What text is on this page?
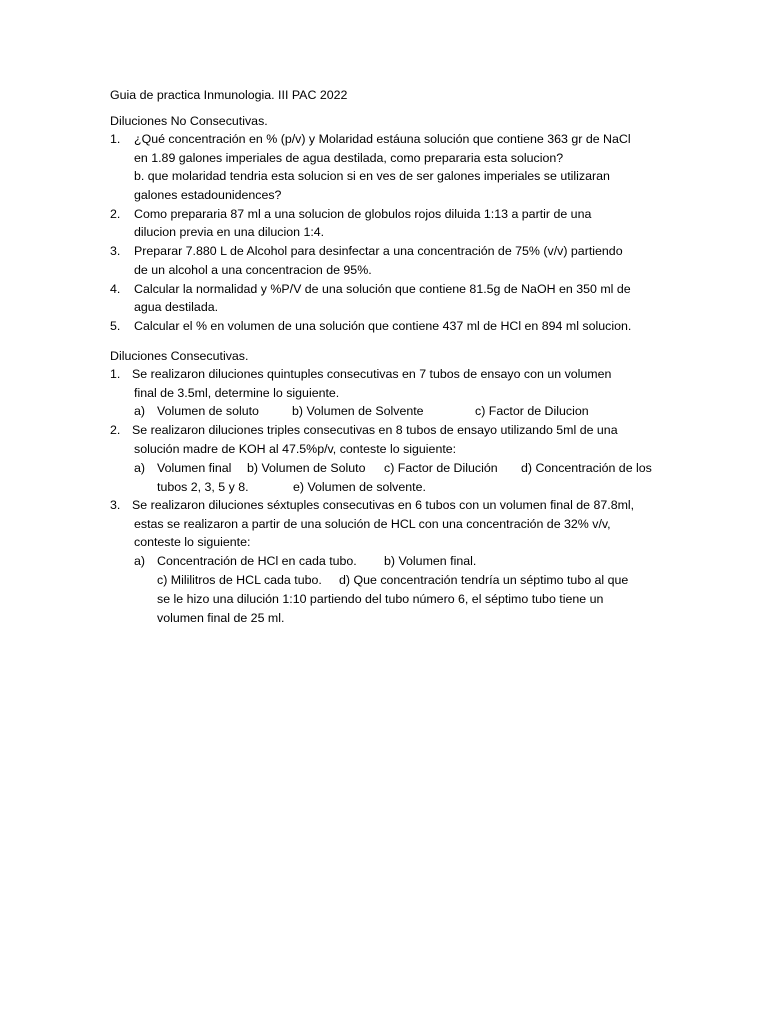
Guia de practica Inmunologia. III PAC 2022
Diluciones No Consecutivas.
1. ¿Qué concentración en % (p/v) y Molaridad estáuna solución que contiene 363 gr de NaCl
en 1.89 galones imperiales de agua destilada, como prepararia esta solucion?
b. que molaridad tendria esta solucion si en ves de ser galones imperiales se utilizaran
galones estadounidences?
2. Como prepararia 87 ml a una solucion de globulos rojos diluida 1:13 a partir de una
dilucion previa en una dilucion 1:4.
3. Preparar 7.880 L de Alcohol para desinfectar a una concentración de 75% (v/v) partiendo
de un alcohol a una concentracion de 95%.
4. Calcular la normalidad y %P/V de una solución que contiene 81.5g de NaOH en 350 ml de
agua destilada.
5. Calcular el % en volumen de una solución que contiene 437 ml de HCl en 894 ml solucion.
Diluciones Consecutivas.
1. Se realizaron diluciones quintuples consecutivas en 7 tubos de ensayo con un volumen
final de 3.5ml, determine lo siguiente.
a) Volumen de soluto	b) Volumen de Solvente	c) Factor de Dilucion
2. Se realizaron diluciones triples consecutivas en 8 tubos de ensayo utilizando 5ml de una
solución madre de KOH al 47.5%p/v, conteste lo siguiente:
a) Volumen final b) Volumen de Soluto c) Factor de Dilución d) Concentración de los
tubos 2, 3, 5 y 8.	e) Volumen de solvente.
3. Se realizaron diluciones séxtuples consecutivas en 6 tubos con un volumen final de 87.8ml,
estas se realizaron a partir de una solución de HCL con una concentración de 32% v/v,
conteste lo siguiente:
a) Concentración de HCl en cada tubo. b) Volumen final.
c) Mililitros de HCL cada tubo. d) Que concentración tendría un séptimo tubo al que
se le hizo una dilución 1:10 partiendo del tubo número 6, el séptimo tubo tiene un
volumen final de 25 ml.
